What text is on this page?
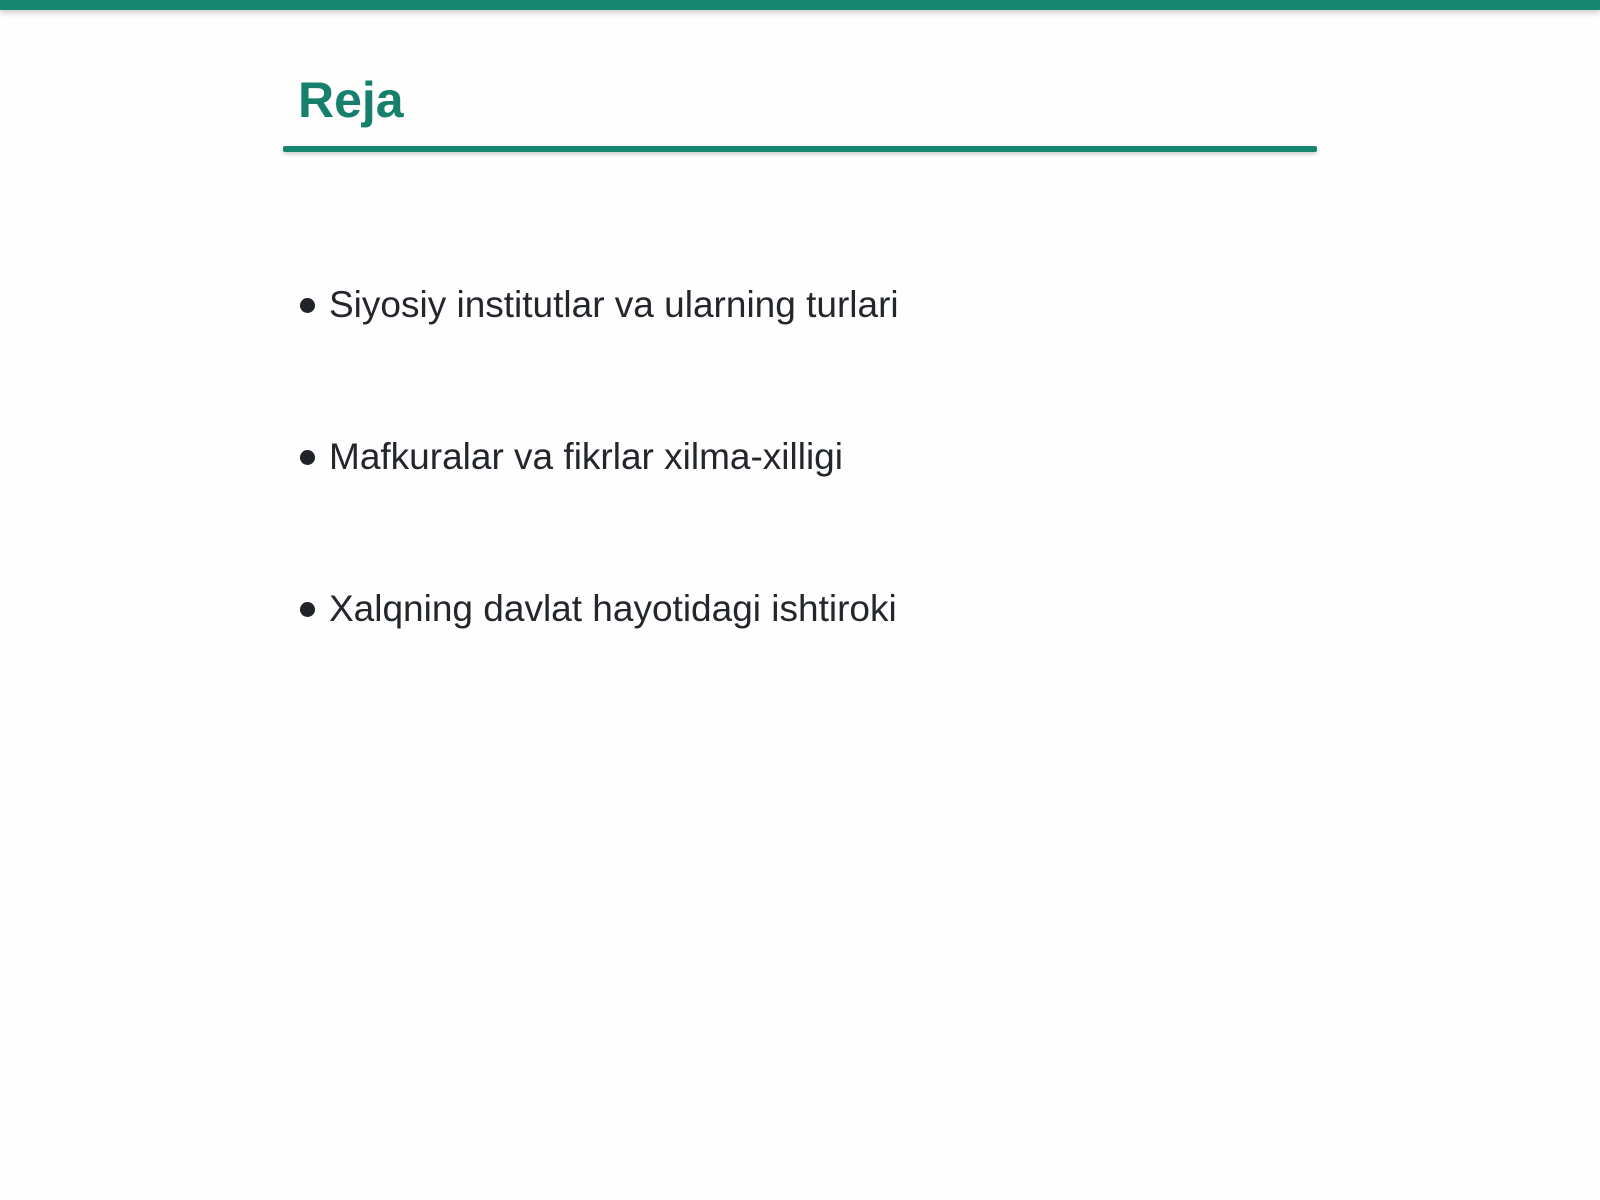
Reja
Siyosiy institutlar va ularning turlari
Mafkuralar va fikrlar xilma-xilligi
Xalqning davlat hayotidagi ishtiroki
